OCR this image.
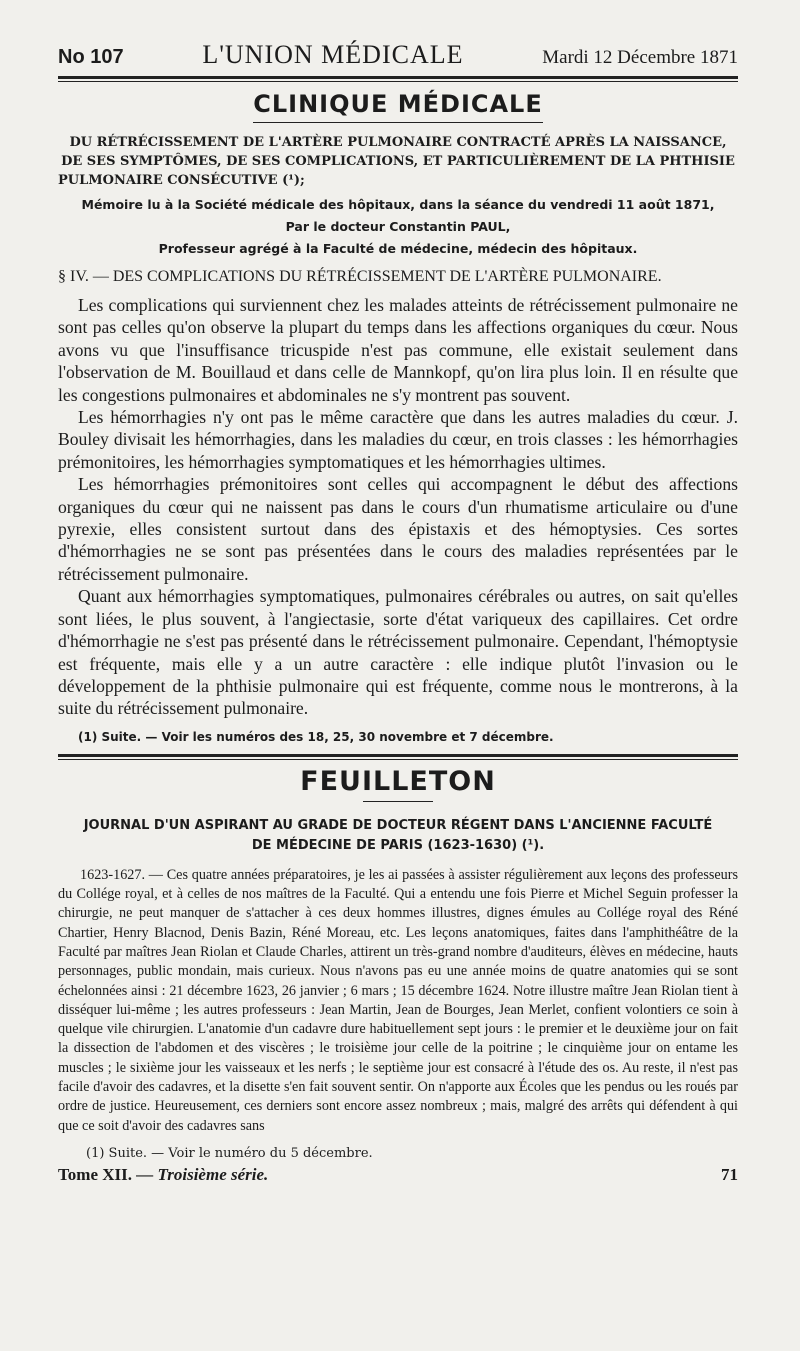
No 107	L'UNION MÉDICALE	Mardi 12 Décembre 1871
CLINIQUE MÉDICALE
DU RÉTRÉCISSEMENT DE L'ARTÈRE PULMONAIRE CONTRACTÉ APRÈS LA NAISSANCE,
DE SES SYMPTÔMES, DE SES COMPLICATIONS, ET PARTICULIÈREMENT DE LA PHTHISIE
PULMONAIRE CONSÉCUTIVE (¹);
Mémoire lu à la Société médicale des hôpitaux, dans la séance du vendredi 11 août 1871,
Par le docteur Constantin PAUL,
Professeur agrégé à la Faculté de médecine, médecin des hôpitaux.
§ IV. — DES COMPLICATIONS DU RÉTRÉCISSEMENT DE L'ARTÈRE PULMONAIRE.

Les complications qui surviennent chez les malades atteints de rétrécissement pulmonaire ne sont pas celles qu'on observe la plupart du temps dans les affections organiques du cœur. Nous avons vu que l'insuffisance tricuspide n'est pas commune, elle existait seulement dans l'observation de M. Bouillaud et dans celle de Mannkopf, qu'on lira plus loin. Il en résulte que les congestions pulmonaires et abdominales ne s'y montrent pas souvent.

Les hémorrhagies n'y ont pas le même caractère que dans les autres maladies du cœur. J. Bouley divisait les hémorrhagies, dans les maladies du cœur, en trois classes : les hémorrhagies prémonitoires, les hémorrhagies symptomatiques et les hémorrhagies ultimes.

Les hémorrhagies prémonitoires sont celles qui accompagnent le début des affections organiques du cœur qui ne naissent pas dans le cours d'un rhumatisme articulaire ou d'une pyrexie, elles consistent surtout dans des épistaxis et des hémoptysies. Ces sortes d'hémorrhagies ne se sont pas présentées dans le cours des maladies représentées par le rétrécissement pulmonaire.

Quant aux hémorrhagies symptomatiques, pulmonaires cérébrales ou autres, on sait qu'elles sont liées, le plus souvent, à l'angiectasie, sorte d'état variqueux des capillaires. Cet ordre d'hémorrhagie ne s'est pas présenté dans le rétrécissement pulmonaire. Cependant, l'hémoptysie est fréquente, mais elle y a un autre caractère : elle indique plutôt l'invasion ou le développement de la phthisie pulmonaire qui est fréquente, comme nous le montrerons, à la suite du rétrécissement pulmonaire.

(1) Suite. — Voir les numéros des 18, 25, 30 novembre et 7 décembre.
FEUILLETON
JOURNAL D'UN ASPIRANT AU GRADE DE DOCTEUR RÉGENT DANS L'ANCIENNE FACULTÉ
DE MÉDECINE DE PARIS (1623-1630) (¹).

1623-1627. — Ces quatre années préparatoires, je les ai passées à assister régulièrement aux leçons des professeurs du Collége royal, et à celles de nos maîtres de la Faculté. Qui a entendu une fois Pierre et Michel Seguin professer la chirurgie, ne peut manquer de s'attacher à ces deux hommes illustres, dignes émules au Collége royal des Réné Chartier, Henry Blacnod, Denis Bazin, Réné Moreau, etc. Les leçons anatomiques, faites dans l'amphithéâtre de la Faculté par maîtres Jean Riolan et Claude Charles, attirent un très-grand nombre d'auditeurs, élèves en médecine, hauts personnages, public mondain, mais curieux. Nous n'avons pas eu une année moins de quatre anatomies qui se sont échelonnées ainsi : 21 décembre 1623, 26 janvier ; 6 mars ; 15 décembre 1624. Notre illustre maître Jean Riolan tient à disséquer lui-même ; les autres professeurs : Jean Martin, Jean de Bourges, Jean Merlet, confient volontiers ce soin à quelque vile chirurgien. L'anatomie d'un cadavre dure habituellement sept jours : le premier et le deuxième jour on fait la dissection de l'abdomen et des viscères ; le troisième jour celle de la poitrine ; le cinquième jour on entame les muscles ; le sixième jour les vaisseaux et les nerfs ; le septième jour est consacré à l'étude des os. Au reste, il n'est pas facile d'avoir des cadavres, et la disette s'en fait souvent sentir. On n'apporte aux Écoles que les pendus ou les roués par ordre de justice. Heureusement, ces derniers sont encore assez nombreux ; mais, malgré des arrêts qui défendent à qui que ce soit d'avoir des cadavres sans

(1) Suite. — Voir le numéro du 5 décembre.
Tome XII. — Troisième série.	71
